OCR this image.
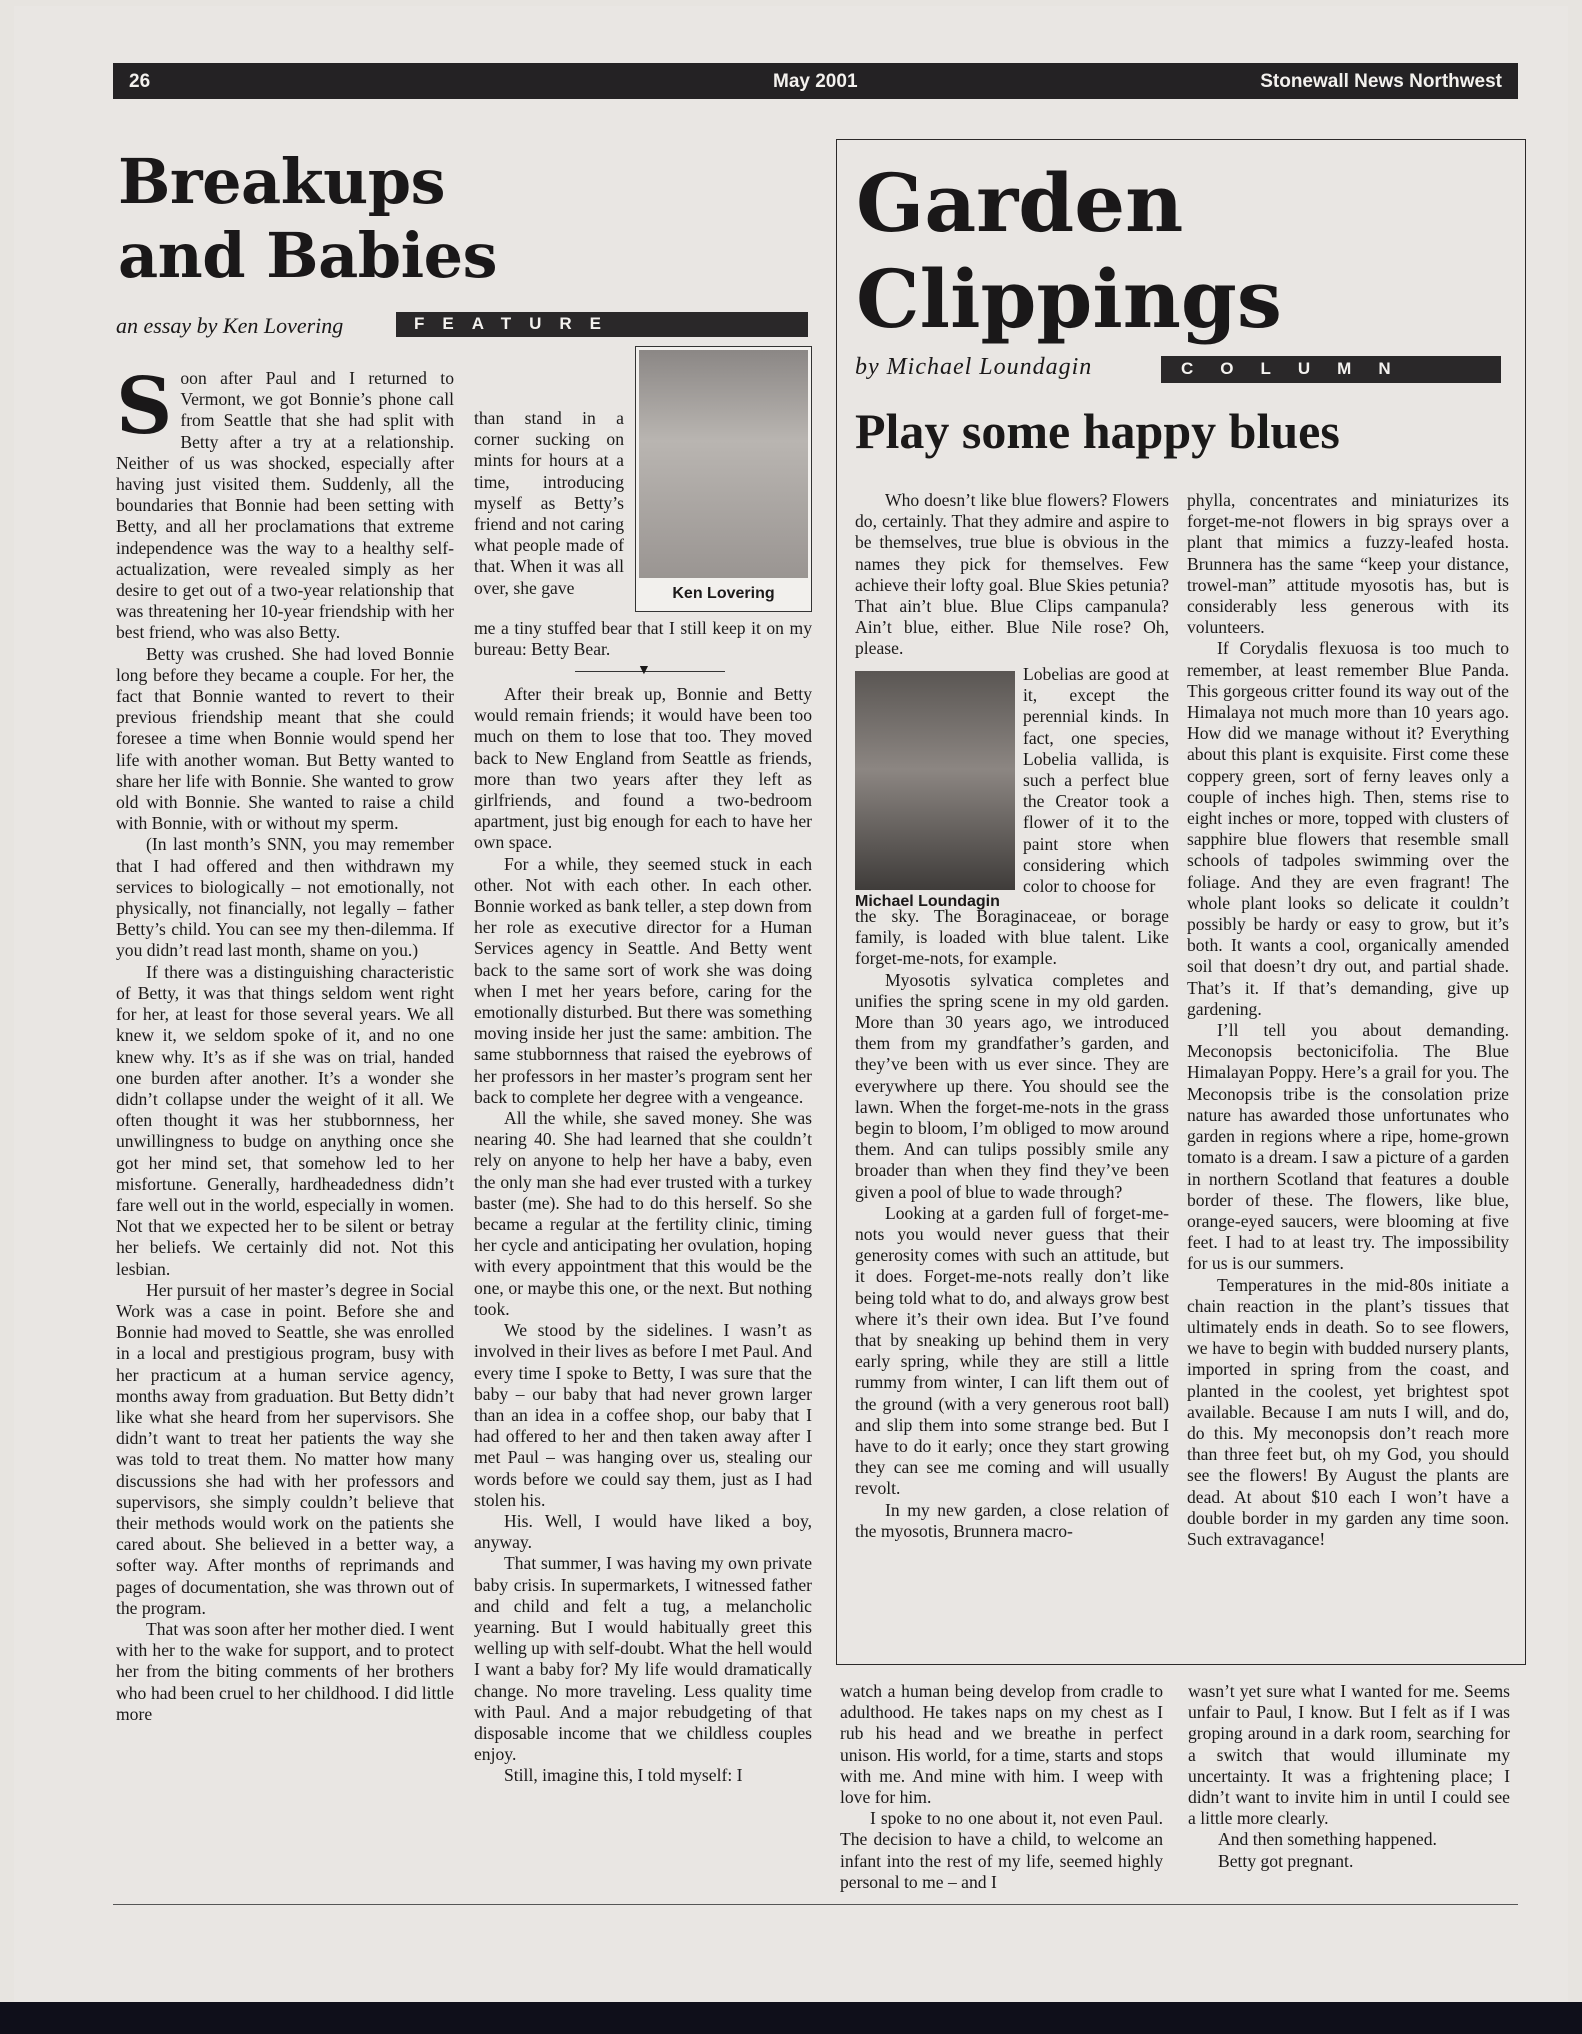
26	May 2001	Stonewall News Northwest
Breakups
and Babies
an essay by Ken Lovering	FEATURE

Soon after Paul and I returned to Vermont, we got Bonnie’s phone call from Seattle that she had split with Betty after a try at a relationship. Neither of us was shocked, especially after having just visited them. Suddenly, all the boundaries that Bonnie had been setting with Betty, and all her proclamations that extreme independence was the way to a healthy self-actualization, were revealed simply as her desire to get out of a two-year relationship that was threatening her 10-year friendship with her best friend, who was also Betty.

Betty was crushed. She had loved Bonnie long before they became a couple. For her, the fact that Bonnie wanted to revert to their previous friendship meant that she could foresee a time when Bonnie would spend her life with another woman. But Betty wanted to share her life with Bonnie. She wanted to grow old with Bonnie. She wanted to raise a child with Bonnie, with or without my sperm.

(In last month’s SNN, you may remember that I had offered and then withdrawn my services to biologically – not emotionally, not physically, not financially, not legally – father Betty’s child. You can see my then-dilemma. If you didn’t read last month, shame on you.)

If there was a distinguishing characteristic of Betty, it was that things seldom went right for her, at least for those several years. We all knew it, we seldom spoke of it, and no one knew why. It’s as if she was on trial, handed one burden after another. It’s a wonder she didn’t collapse under the weight of it all. We often thought it was her stubbornness, her unwillingness to budge on anything once she got her mind set, that somehow led to her misfortune. Generally, hardheadedness didn’t fare well out in the world, especially in women. Not that we expected her to be silent or betray her beliefs. We certainly did not. Not this lesbian.

Her pursuit of her master’s degree in Social Work was a case in point. Before she and Bonnie had moved to Seattle, she was enrolled in a local and prestigious program, busy with her practicum at a human service agency, months away from graduation. But Betty didn’t like what she heard from her supervisors. She didn’t want to treat her patients the way she was told to treat them. No matter how many discussions she had with her professors and supervisors, she simply couldn’t believe that their methods would work on the patients she cared about. She believed in a better way, a softer way. After months of reprimands and pages of documentation, she was thrown out of the program.

That was soon after her mother died. I went with her to the wake for support, and to protect her from the biting comments of her brothers who had been cruel to her childhood. I did little more

Ken Lovering

than stand in a corner sucking on mints for hours at a time, introducing myself as Betty’s friend and not caring what people made of that. When it was all over, she gave

me a tiny stuffed bear that I still keep it on my bureau: Betty Bear.

▼

After their break up, Bonnie and Betty would remain friends; it would have been too much on them to lose that too. They moved back to New England from Seattle as friends, more than two years after they left as girlfriends, and found a two-bedroom apartment, just big enough for each to have her own space.

For a while, they seemed stuck in each other. Not with each other. In each other. Bonnie worked as bank teller, a step down from her role as executive director for a Human Services agency in Seattle. And Betty went back to the same sort of work she was doing when I met her years before, caring for the emotionally disturbed. But there was something moving inside her just the same: ambition. The same stubbornness that raised the eyebrows of her professors in her master’s program sent her back to complete her degree with a vengeance.

All the while, she saved money. She was nearing 40. She had learned that she couldn’t rely on anyone to help her have a baby, even the only man she had ever trusted with a turkey baster (me). She had to do this herself. So she became a regular at the fertility clinic, timing her cycle and anticipating her ovulation, hoping with every appointment that this would be the one, or maybe this one, or the next. But nothing took.

We stood by the sidelines. I wasn’t as involved in their lives as before I met Paul. And every time I spoke to Betty, I was sure that the baby – our baby that had never grown larger than an idea in a coffee shop, our baby that I had offered to her and then taken away after I met Paul – was hanging over us, stealing our words before we could say them, just as I had stolen his.

His. Well, I would have liked a boy, anyway.

That summer, I was having my own private baby crisis. In supermarkets, I witnessed father and child and felt a tug, a melancholic yearning. But I would habitually greet this welling up with self-doubt. What the hell would I want a baby for? My life would dramatically change. No more traveling. Less quality time with Paul. And a major rebudgeting of that disposable income that we childless couples enjoy.

Still, imagine this, I told myself: I

Garden
Clippings
by Michael Loundagin	COLUMN
Play some happy blues

Who doesn’t like blue flowers? Flowers do, certainly. That they admire and aspire to be themselves, true blue is obvious in the names they pick for themselves. Few achieve their lofty goal. Blue Skies petunia? That ain’t blue. Blue Clips campanula? Ain’t blue, either. Blue Nile rose? Oh, please.

Michael Loundagin

Lobelias are good at it, except the perennial kinds. In fact, one species, Lobelia vallida, is such a perfect blue the Creator took a flower of it to the paint store when considering which color to choose for

the sky. The Boraginaceae, or borage family, is loaded with blue talent. Like forget-me-nots, for example.

Myosotis sylvatica completes and unifies the spring scene in my old garden. More than 30 years ago, we introduced them from my grandfather’s garden, and they’ve been with us ever since. They are everywhere up there. You should see the lawn. When the forget-me-nots in the grass begin to bloom, I’m obliged to mow around them. And can tulips possibly smile any broader than when they find they’ve been given a pool of blue to wade through?

Looking at a garden full of forget-me-nots you would never guess that their generosity comes with such an attitude, but it does. Forget-me-nots really don’t like being told what to do, and always grow best where it’s their own idea. But I’ve found that by sneaking up behind them in very early spring, while they are still a little rummy from winter, I can lift them out of the ground (with a very generous root ball) and slip them into some strange bed. But I have to do it early; once they start growing they can see me coming and will usually revolt.

In my new garden, a close relation of the myosotis, Brunnera macro-

phylla, concentrates and miniaturizes its forget-me-not flowers in big sprays over a plant that mimics a fuzzy-leafed hosta. Brunnera has the same “keep your distance, trowel-man” attitude myosotis has, but is considerably less generous with its volunteers.

If Corydalis flexuosa is too much to remember, at least remember Blue Panda. This gorgeous critter found its way out of the Himalaya not much more than 10 years ago. How did we manage without it? Everything about this plant is exquisite. First come these coppery green, sort of ferny leaves only a couple of inches high. Then, stems rise to eight inches or more, topped with clusters of sapphire blue flowers that resemble small schools of tadpoles swimming over the foliage. And they are even fragrant! The whole plant looks so delicate it couldn’t possibly be hardy or easy to grow, but it’s both. It wants a cool, organically amended soil that doesn’t dry out, and partial shade. That’s it. If that’s demanding, give up gardening.

I’ll tell you about demanding. Meconopsis bectonicifolia. The Blue Himalayan Poppy. Here’s a grail for you. The Meconopsis tribe is the consolation prize nature has awarded those unfortunates who garden in regions where a ripe, home-grown tomato is a dream. I saw a picture of a garden in northern Scotland that features a double border of these. The flowers, like blue, orange-eyed saucers, were blooming at five feet. I had to at least try. The impossibility for us is our summers.

Temperatures in the mid-80s initiate a chain reaction in the plant’s tissues that ultimately ends in death. So to see flowers, we have to begin with budded nursery plants, imported in spring from the coast, and planted in the coolest, yet brightest spot available. Because I am nuts I will, and do, do this. My meconopsis don’t reach more than three feet but, oh my God, you should see the flowers! By August the plants are dead. At about $10 each I won’t have a double border in my garden any time soon. Such extravagance!

watch a human being develop from cradle to adulthood. He takes naps on my chest as I rub his head and we breathe in perfect unison. His world, for a time, starts and stops with me. And mine with him. I weep with love for him.

I spoke to no one about it, not even Paul. The decision to have a child, to welcome an infant into the rest of my life, seemed highly personal to me – and I

wasn’t yet sure what I wanted for me. Seems unfair to Paul, I know. But I felt as if I was groping around in a dark room, searching for a switch that would illuminate my uncertainty. It was a frightening place; I didn’t want to invite him in until I could see a little more clearly.

And then something happened.

Betty got pregnant.
